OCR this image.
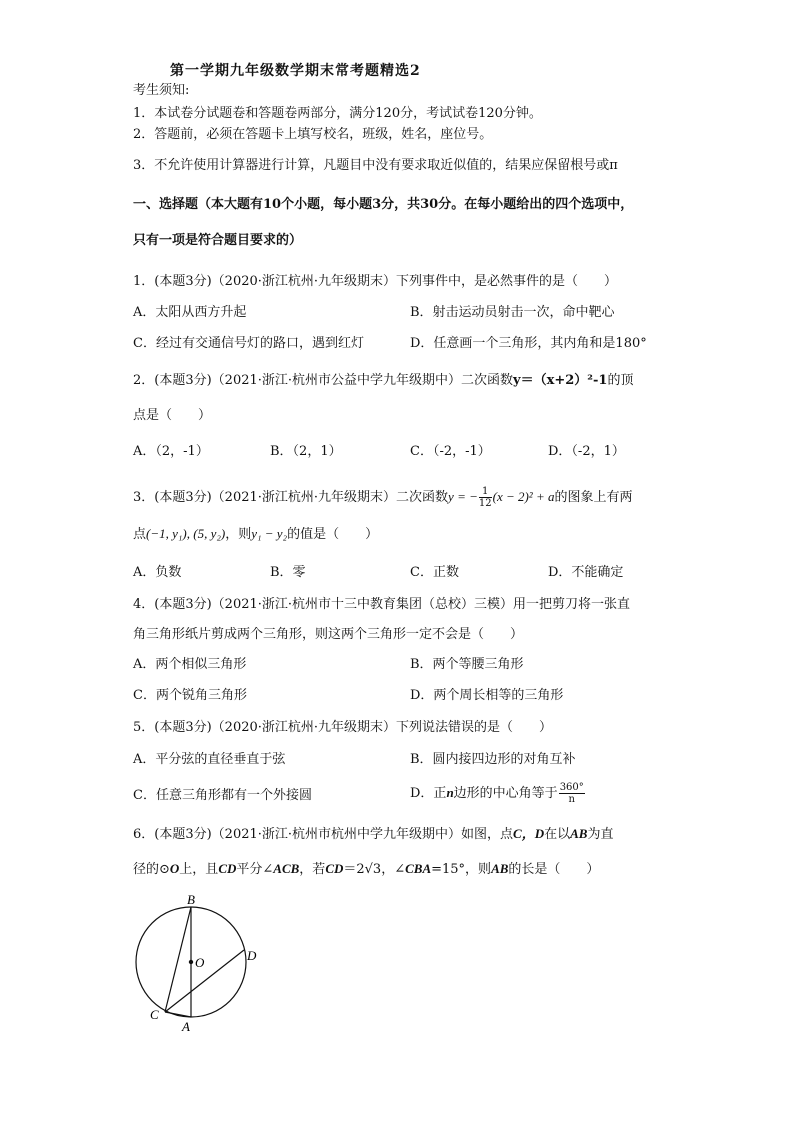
第一学期九年级数学期末常考题精选2
考生须知:
1．本试卷分试题卷和答题卷两部分，满分120分，考试试卷120分钟。
2．答题前，必须在答题卡上填写校名，班级，姓名，座位号。
3．不允许使用计算器进行计算，凡题目中没有要求取近似值的，结果应保留根号或π
一、选择题（本大题有10个小题，每小题3分，共30分。在每小题给出的四个选项中，
只有一项是符合题目要求的）
1．(本题3分)（2020·浙江杭州·九年级期末）下列事件中，是必然事件的是（　　）
A．太阳从西方升起	B．射击运动员射击一次，命中靶心
C．经过有交通信号灯的路口，遇到红灯	D．任意画一个三角形，其内角和是180°
2．(本题3分)（2021·浙江·杭州市公益中学九年级期中）二次函数y＝（x+2）²-1的顶
点是（　　）
A．（2，-1）	B．（2，1）	C．（-2，-1）	D．（-2，1）
3．(本题3分)（2021·浙江杭州·九年级期末）二次函数y = − $\frac{1}{12} (x - 2)^2 + a$的图象上有两
点(−1, y₁), (5, y₂)，则y₁ − y₂的值是（　　）
A．负数	B．零	C．正数	D．不能确定
4．(本题3分)（2021·浙江·杭州市十三中教育集团（总校）三模）用一把剪刀将一张直
角三角形纸片剪成两个三角形，则这两个三角形一定不会是（　　）
A．两个相似三角形	B．两个等腰三角形
C．两个锐角三角形	D．两个周长相等的三角形
5．(本题3分)（2020·浙江杭州·九年级期末）下列说法错误的是（　　）
A．平分弦的直径垂直于弦	B．圆内接四边形的对角互补
C．任意三角形都有一个外接圆	D．正n边形的中心角等于 $\frac{360^\circ}{n}$
6．(本题3分)（2021·浙江·杭州市杭州中学九年级期中）如图，点C，D在以AB为直
径的⊙O上，且CD平分∠ACB，若CD＝2√3，∠CBA=15°，则AB的长是（　　）
B
O	D
C
A
